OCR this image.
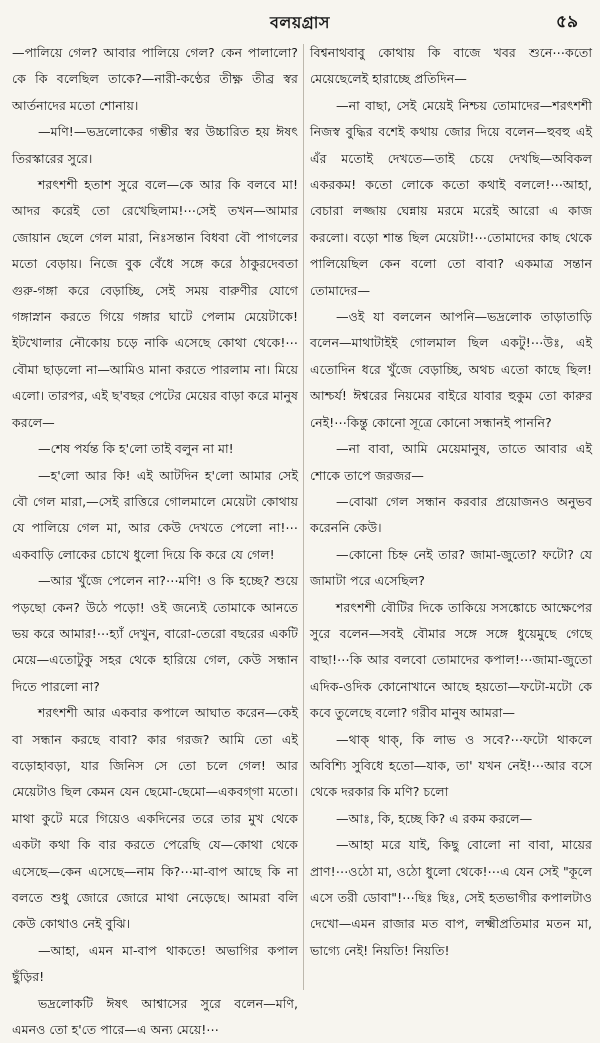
বলয়গ্রাস	৫৯

—পালিয়ে গেল? আবার পালিয়ে গেল? কেন পালালো? কে কি বলেছিল তাকে?—নারী-কণ্ঠের তীক্ষ্ণ তীব্র স্বর আর্তনাদের মতো শোনায়।

—মণি!—ভদ্রলোকের গম্ভীর স্বর উচ্চারিত হয় ঈষৎ তিরস্কারের সুরে।

শরৎশশী হতাশ সুরে বলে—কে আর কি বলবে মা! আদর করেই তো রেখেছিলাম!⋯সেই তখন—আমার জোয়ান ছেলে গেল মারা, নিঃসন্তান বিধবা বৌ পাগলের মতো বেড়ায়। নিজে বুক বেঁধে সঙ্গে করে ঠাকুরদেবতা গুরু-গঙ্গা করে বেড়াচ্ছি, সেই সময় বারুণীর যোগে গঙ্গাস্নান করতে গিয়ে গঙ্গার ঘাটে পেলাম মেয়েটাকে! ইটখোলার নৌকোয় চড়ে নাকি এসেছে কোথা থেকে!⋯বৌমা ছাড়লো না—আমিও মানা করতে পারলাম না। মিয়ে এলো। তারপর, এই ছ'বছর পেটের মেয়ের বাড়া করে মানুষ করলে—

—শেষ পর্যন্ত কি হ'লো তাই বলুন না মা!

—হ'লো আর কি! এই আটদিন হ'লো আমার সেই বৌ গেল মারা,—সেই রাত্তিরে গোলমালে মেয়েটা কোথায় যে পালিয়ে গেল মা, আর কেউ দেখতে পেলো না!⋯একবাড়ি লোকের চোখে ধুলো দিয়ে কি করে যে গেল!

—আর খুঁজে পেলেন না?⋯মণি! ও কি হচ্ছে? শুয়ে পড়ছো কেন? উঠে পড়ো! ওই জন্যেই তোমাকে আনতে ভয় করে আমার!⋯হ্যাঁ দেখুন, বারো-তেরো বছরের একটি মেয়ে—এতোটুকু সহর থেকে হারিয়ে গেল, কেউ সন্ধান দিতে পারলো না?

শরৎশশী আর একবার কপালে আঘাত করেন—কেই বা সন্ধান করছে বাবা? কার গরজ? আমি তো এই বড়োহাবড়া, যার জিনিস সে তো চলে গেল! আর মেয়েটাও ছিল কেমন যেন ছেমো-ছেমো—একবগ্‌গা মতো। মাথা কুটে মরে গিয়েও একদিনের তরে তার মুখ থেকে একটা কথা কি বার করতে পেরেছি যে—কোথা থেকে এসেছে—কেন এসেছে—নাম কি?⋯মা-বাপ আছে কি না বলতে শুধু জোরে জোরে মাথা নেড়েছে। আমরা বলি কেউ কোথাও নেই বুঝি।

—আহা, এমন মা-বাপ থাকতে! অভাগির কপাল ছুঁড়ির!

ভদ্রলোকটি ঈষৎ আশ্বাসের সুরে বলেন—মণি, এমনও তো হ'তে পারে—এ অন্য মেয়ে!⋯

বিশ্বনাথবাবু কোথায় কি বাজে খবর শুনে⋯কতো মেয়েছেলেই হারাচ্ছে প্রতিদিন—

—না বাছা, সেই মেয়েই নিশ্চয় তোমাদের—শরৎশশী নিজস্ব বুদ্ধির বশেই কথায় জোর দিয়ে বলেন—হুবহু এই এঁর মতোই দেখতে—তাই চেয়ে দেখছি—অবিকল একরকম! কতো লোকে কতো কথাই বললে!⋯আহা, বেচারা লজ্জায় ঘেন্নায় মরমে মরেই আরো এ কাজ করলো। বড়ো শান্ত ছিল মেয়েটা!⋯তোমাদের কাছ থেকে পালিয়েছিল কেন বলো তো বাবা? একমাত্র সন্তান তোমাদের—

—ওই যা বললেন আপনি—ভদ্রলোক তাড়াতাড়ি বলেন—মাথাটাইই গোলমাল ছিল একটু!⋯উঃ, এই এতোদিন ধরে খুঁজে বেড়াচ্ছি, অথচ এতো কাছে ছিল! আশ্চর্য! ঈশ্বরের নিয়মের বাইরে যাবার হুকুম তো কারুর নেই!⋯কিন্তু কোনো সূত্রে কোনো সন্ধানই পাননি?

—না বাবা, আমি মেয়েমানুষ, তাতে আবার এই শোকে তাপে জরজর—

—বোঝা গেল সন্ধান করবার প্রয়োজনও অনুভব করেননি কেউ।

—কোনো চিহ্ন নেই তার? জামা-জুতো? ফটো? যে জামাটা পরে এসেছিল?

শরৎশশী বৌটির দিকে তাকিয়ে সসঙ্কোচে আক্ষেপের সুরে বলেন—সবই বৌমার সঙ্গে সঙ্গে ধুয়েমুছে গেছে বাছা!⋯কি আর বলবো তোমাদের কপাল!⋯জামা-জুতো এদিক-ওদিক কোনোখানে আছে হয়তো—ফটো-মটো কে কবে তুলেছে বলো? গরীব মানুষ আমরা—

—থাক্‌ থাক্‌, কি লাভ ও সবে?⋯ফটো থাকলে অবিশ্যি সুবিধে হতো—যাক, তা' যখন নেই!⋯আর বসে থেকে দরকার কি মণি? চলো

—আঃ, কি, হচ্ছে কি? এ রকম করলে—

—আহা মরে যাই, কিছু বোলো না বাবা, মায়ের প্রাণ!⋯ওঠো মা, ওঠো ধুলো থেকে!⋯এ যেন সেই "কূলে এসে তরী ডোবা"!⋯ছিঃ ছিঃ, সেই হতভাগীর কপালটাও দেখো—এমন রাজার মত বাপ, লক্ষ্মীপ্রতিমার মতন মা, ভাগ্যে নেই! নিয়তি! নিয়তি!
